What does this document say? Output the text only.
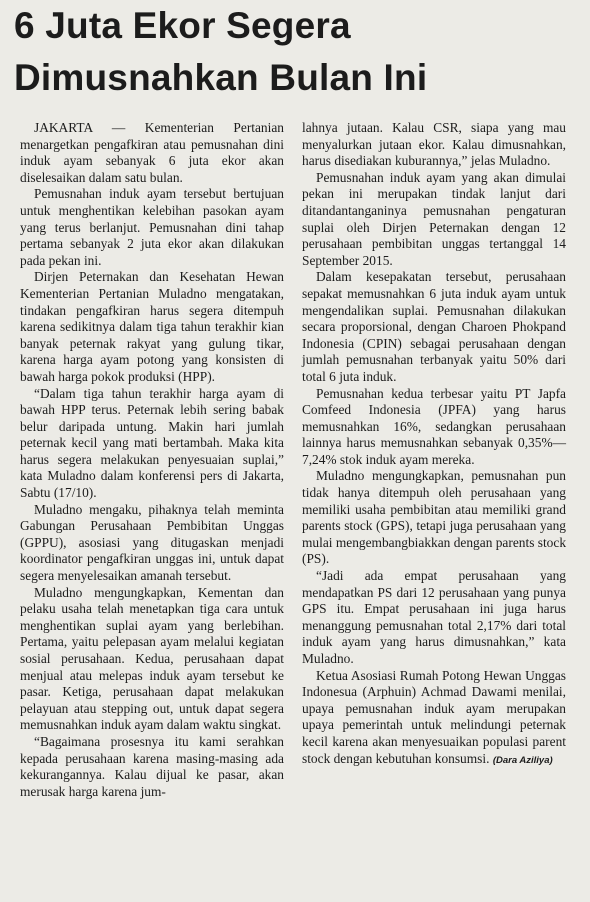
6 Juta Ekor Segera
Dimusnahkan Bulan Ini

JAKARTA — Kementerian Pertanian menargetkan pengafkiran atau pemusnahan dini induk ayam sebanyak 6 juta ekor akan diselesaikan dalam satu bulan.

Pemusnahan induk ayam tersebut bertujuan untuk menghentikan kelebihan pasokan ayam yang terus berlanjut. Pemusnahan dini tahap pertama sebanyak 2 juta ekor akan dilakukan pada pekan ini.

Dirjen Peternakan dan Kesehatan Hewan Kementerian Pertanian Muladno mengatakan, tindakan pengafkiran harus segera ditempuh karena sedikitnya dalam tiga tahun terakhir kian banyak peternak rakyat yang gulung tikar, karena harga ayam potong yang konsisten di bawah harga pokok produksi (HPP).

“Dalam tiga tahun terakhir harga ayam di bawah HPP terus. Peternak lebih sering babak belur daripada untung. Makin hari jumlah peternak kecil yang mati bertambah. Maka kita harus segera melakukan penyesuaian suplai,” kata Muladno dalam konferensi pers di Jakarta, Sabtu (17/10).

Muladno mengaku, pihaknya telah meminta Gabungan Perusahaan Pembibitan Unggas (GPPU), asosiasi yang ditugaskan menjadi koordinator pengafkiran unggas ini, untuk dapat segera menyelesaikan amanah tersebut.

Muladno mengungkapkan, Kementan dan pelaku usaha telah menetapkan tiga cara untuk menghentikan suplai ayam yang berlebihan. Pertama, yaitu pelepasan ayam melalui kegiatan sosial perusahaan. Kedua, perusahaan dapat menjual atau melepas induk ayam tersebut ke pasar. Ketiga, perusahaan dapat melakukan pelayuan atau stepping out, untuk dapat segera memusnahkan induk ayam dalam waktu singkat.

“Bagaimana prosesnya itu kami serahkan kepada perusahaan karena masing-masing ada kekurangannya. Kalau dijual ke pasar, akan merusak harga karena jum-

lahnya jutaan. Kalau CSR, siapa yang mau menyalurkan jutaan ekor. Kalau dimusnahkan, harus disediakan kuburannya,” jelas Muladno.

Pemusnahan induk ayam yang akan dimulai pekan ini merupakan tindak lanjut dari ditandantanganinya pemusnahan pengaturan suplai oleh Dirjen Peternakan dengan 12 perusahaan pembibitan unggas tertanggal 14 September 2015.

Dalam kesepakatan tersebut, perusahaan sepakat memusnahkan 6 juta induk ayam untuk mengendalikan suplai. Pemusnahan dilakukan secara proporsional, dengan Charoen Phokpand Indonesia (CPIN) sebagai perusahaan dengan jumlah pemusnahan terbanyak yaitu 50% dari total 6 juta induk.

Pemusnahan kedua terbesar yaitu PT Japfa Comfeed Indonesia (JPFA) yang harus memusnahkan 16%, sedangkan perusahaan lainnya harus memusnahkan sebanyak 0,35%—7,24% stok induk ayam mereka.

Muladno mengungkapkan, pemusnahan pun tidak hanya ditempuh oleh perusahaan yang memiliki usaha pembibitan atau memiliki grand parents stock (GPS), tetapi juga perusahaan yang mulai mengembangbiakkan dengan parents stock (PS).

“Jadi ada empat perusahaan yang mendapatkan PS dari 12 perusahaan yang punya GPS itu. Empat perusahaan ini juga harus menanggung pemusnahan total 2,17% dari total induk ayam yang harus dimusnahkan,” kata Muladno.

Ketua Asosiasi Rumah Potong Hewan Unggas Indonesua (Arphuin) Achmad Dawami menilai, upaya pemusnahan induk ayam merupakan upaya pemerintah untuk melindungi peternak kecil karena akan menyesuaikan populasi parent stock dengan kebutuhan konsumsi. (Dara Aziliya)
